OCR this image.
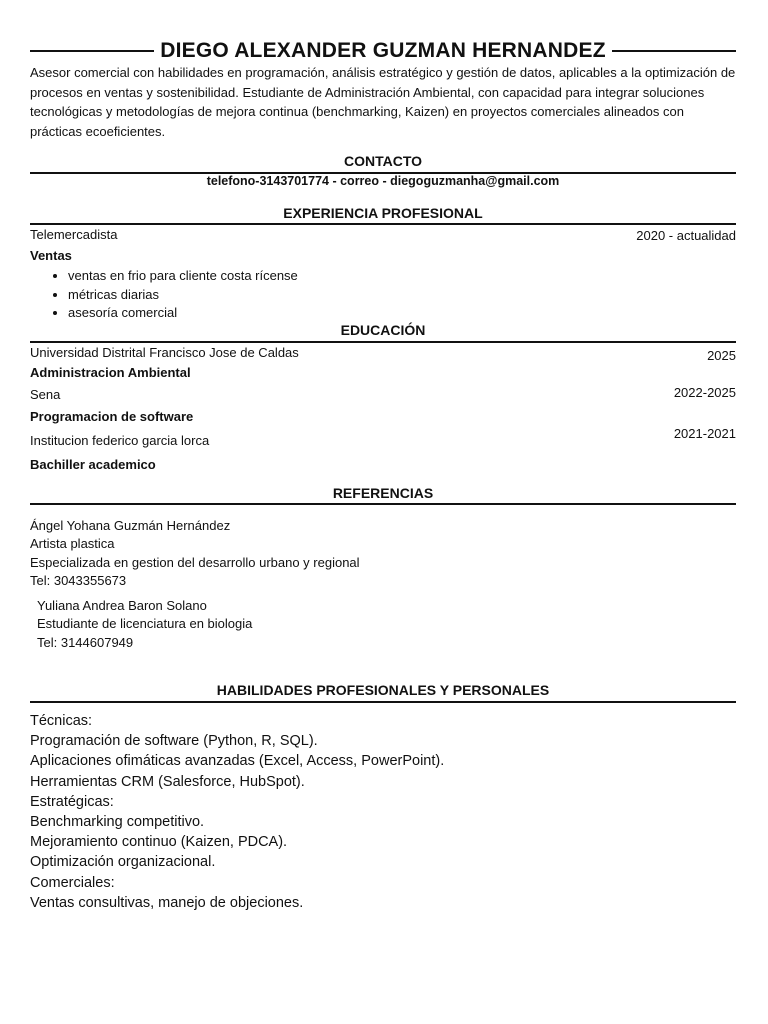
DIEGO ALEXANDER GUZMAN HERNANDEZ

Asesor comercial con habilidades en programación, análisis estratégico y gestión de datos, aplicables a la optimización de procesos en ventas y sostenibilidad. Estudiante de Administración Ambiental, con capacidad para integrar soluciones tecnológicas y metodologías de mejora continua (benchmarking, Kaizen) en proyectos comerciales alineados con prácticas ecoeficientes.

CONTACTO
telefono-3143701774 - correo - diegoguzmanha@gmail.com
EXPERIENCIA PROFESIONAL
Telemercadista	2020 - actualidad
Ventas
• ventas en frio para cliente costa rícense
• métricas diarias
• asesoría comercial
EDUCACIÓN
Universidad Distrital Francisco Jose de Caldas	2025
Administracion Ambiental
Sena	2022-2025
Programacion de software
Institucion federico garcia lorca	2021-2021
Bachiller academico
REFERENCIAS
Ángel Yohana Guzmán Hernández
Artista plastica
Especializada en gestion del desarrollo urbano y regional
Tel: 3043355673
Yuliana Andrea Baron Solano
Estudiante de licenciatura en biologia
Tel: 3144607949
HABILIDADES PROFESIONALES Y PERSONALES
Técnicas:
Programación de software (Python, R, SQL).
Aplicaciones ofimáticas avanzadas (Excel, Access, PowerPoint).
Herramientas CRM (Salesforce, HubSpot).
Estratégicas:
Benchmarking competitivo.
Mejoramiento continuo (Kaizen, PDCA).
Optimización organizacional.
Comerciales:
Ventas consultivas, manejo de objeciones.
